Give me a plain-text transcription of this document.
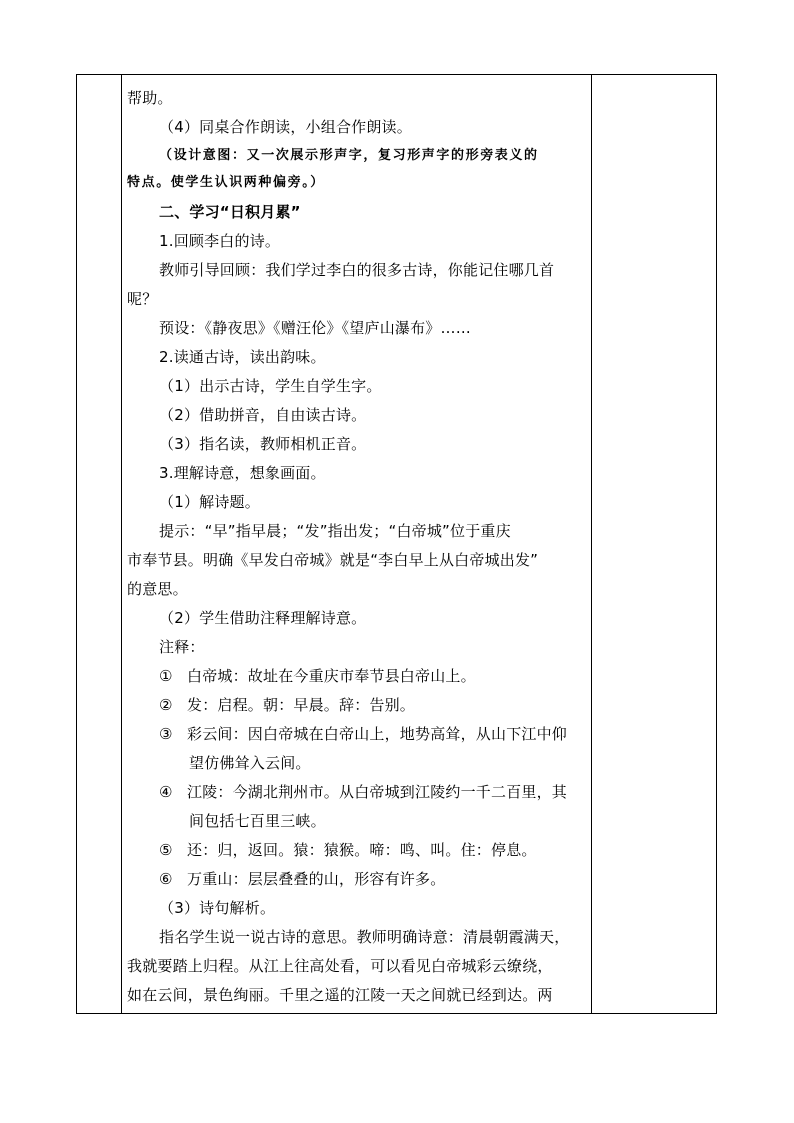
帮助。
（4）同桌合作朗读，小组合作朗读。
（设计意图：又一次展示形声字，复习形声字的形旁表义的
特点。使学生认识两种偏旁。）
二、学习“日积月累”
1.回顾李白的诗。
教师引导回顾：我们学过李白的很多古诗，你能记住哪几首
呢？
预设：《静夜思》《赠汪伦》《望庐山瀑布》……
2.读通古诗，读出韵味。
（1）出示古诗，学生自学生字。
（2）借助拼音，自由读古诗。
（3）指名读，教师相机正音。
3.理解诗意，想象画面。
（1）解诗题。
提示：“早”指早晨；“发”指出发；“白帝城”位于重庆
市奉节县。明确《早发白帝城》就是“李白早上从白帝城出发”
的意思。
（2）学生借助注释理解诗意。
注释：
① 白帝城：故址在今重庆市奉节县白帝山上。
② 发：启程。朝：早晨。辞：告别。
③ 彩云间：因白帝城在白帝山上，地势高耸，从山下江中仰
望仿佛耸入云间。
④ 江陵：今湖北荆州市。从白帝城到江陵约一千二百里，其
间包括七百里三峡。
⑤ 还：归，返回。猿：猿猴。啼：鸣、叫。住：停息。
⑥ 万重山：层层叠叠的山，形容有许多。
（3）诗句解析。
指名学生说一说古诗的意思。教师明确诗意：清晨朝霞满天，
我就要踏上归程。从江上往高处看，可以看见白帝城彩云缭绕，
如在云间，景色绚丽。千里之遥的江陵一天之间就已经到达。两
